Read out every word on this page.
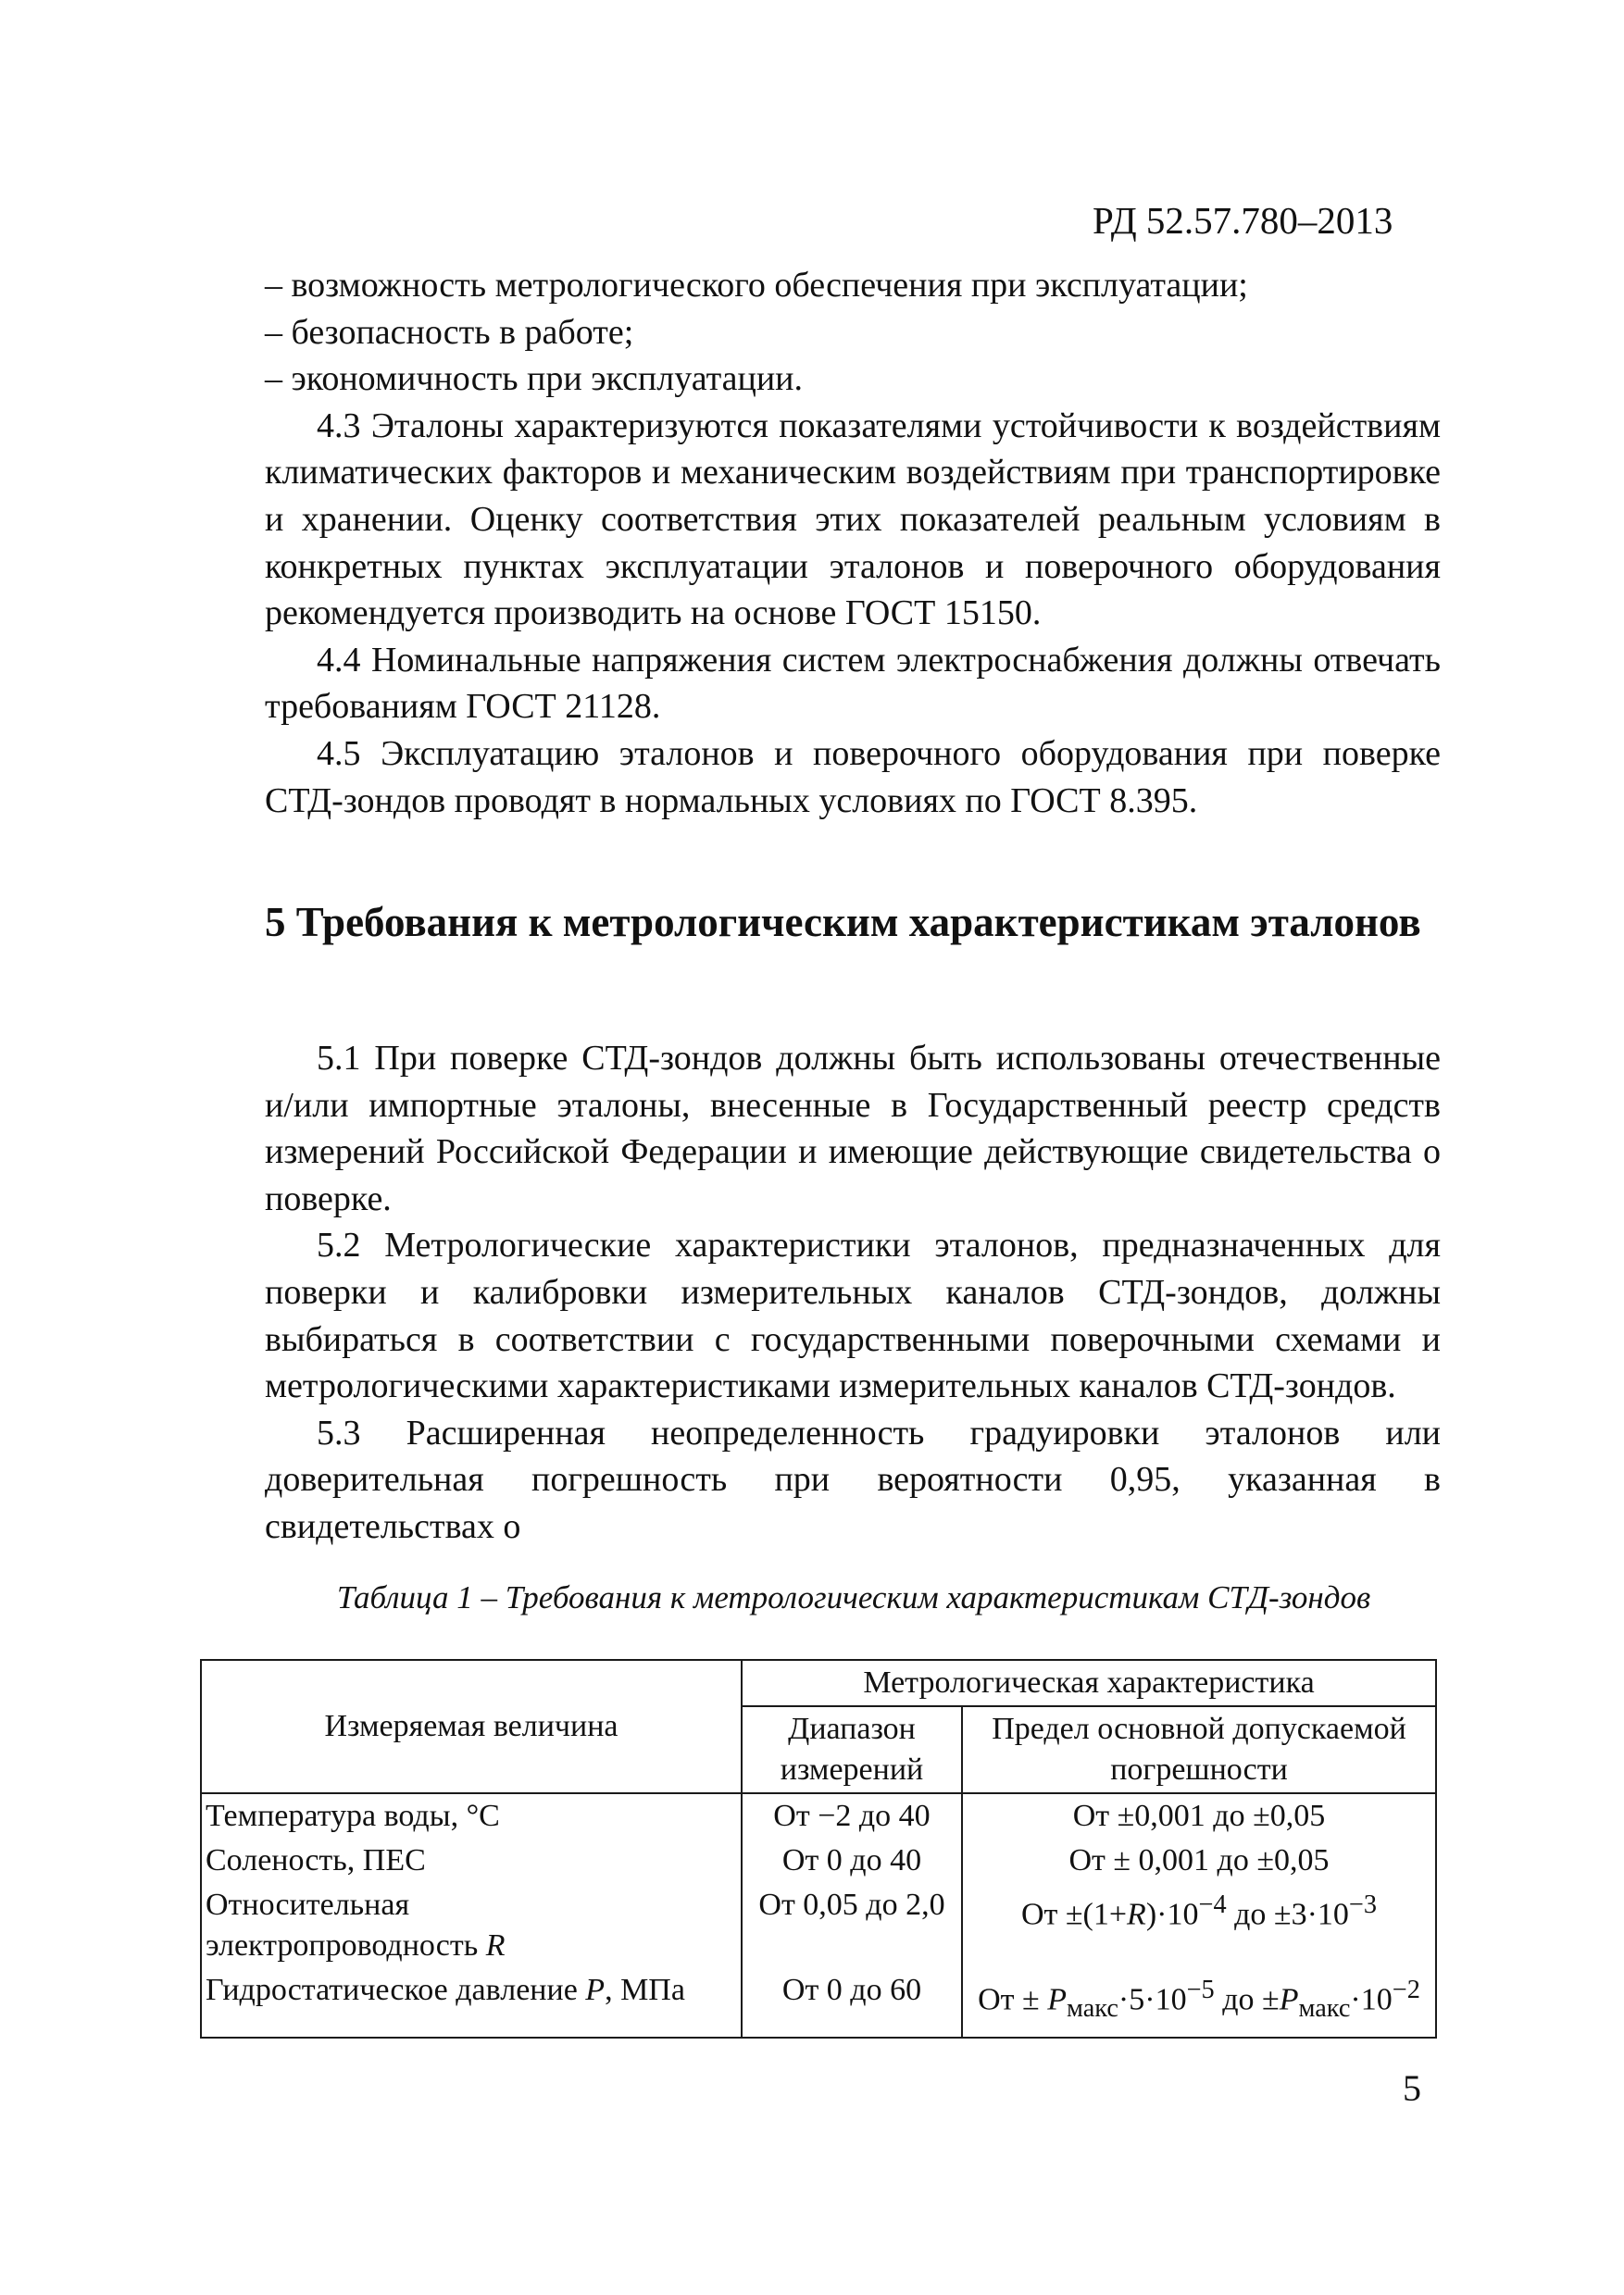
РД 52.57.780–2013

– возможность метрологического обеспечения при эксплуатации;

– безопасность в работе;

– экономичность при эксплуатации.

4.3 Эталоны характеризуются показателями устойчивости к воздействиям климатических факторов и механическим воздействиям при транспортировке и хранении. Оценку соответствия этих показателей реальным условиям в конкретных пунктах эксплуатации эталонов и поверочного оборудования рекомендуется производить на основе ГОСТ 15150.

4.4 Номинальные напряжения систем электроснабжения должны отвечать требованиям ГОСТ 21128.

4.5 Эксплуатацию эталонов и поверочного оборудования при поверке СТД-зондов проводят в нормальных условиях по ГОСТ 8.395.

5 Требования к метрологическим характеристикам эталонов

5.1 При поверке СТД-зондов должны быть использованы отечественные и/или импортные эталоны, внесенные в Государственный реестр средств измерений Российской Федерации и имеющие действующие свидетельства о поверке.

5.2 Метрологические характеристики эталонов, предназначенных для поверки и калибровки измерительных каналов СТД-зондов, должны выбираться в соответствии с государственными поверочными схемами и метрологическими характеристиками измерительных каналов СТД-зондов.

5.3 Расширенная неопределенность градуировки эталонов или доверительная погрешность при вероятности 0,95, указанная в свидетельствах о

Таблица 1 – Требования к метрологическим характеристикам СТД-зондов
Измеряемая величина	Метрологическая характеристика	
	Диапазон измерений	Предел основной допускаемой погрешности
Температура воды, °С	От −2 до 40	От ±0,001 до ±0,05
Соленость, ПЕС	От 0 до 40	От ± 0,001 до ±0,05
Относительная
электропроводность R	От 0,05 до 2,0	От $\pm(1+R)\cdot 10^{-4}$ до $\pm 3\cdot 10^{-3}$
Гидростатическое давление P, МПа	От 0 до 60	От ± $P_{макс}\cdot 5\cdot 10^{-5}$ до $\pm P_{макс}\cdot 10^{-2}$
5
